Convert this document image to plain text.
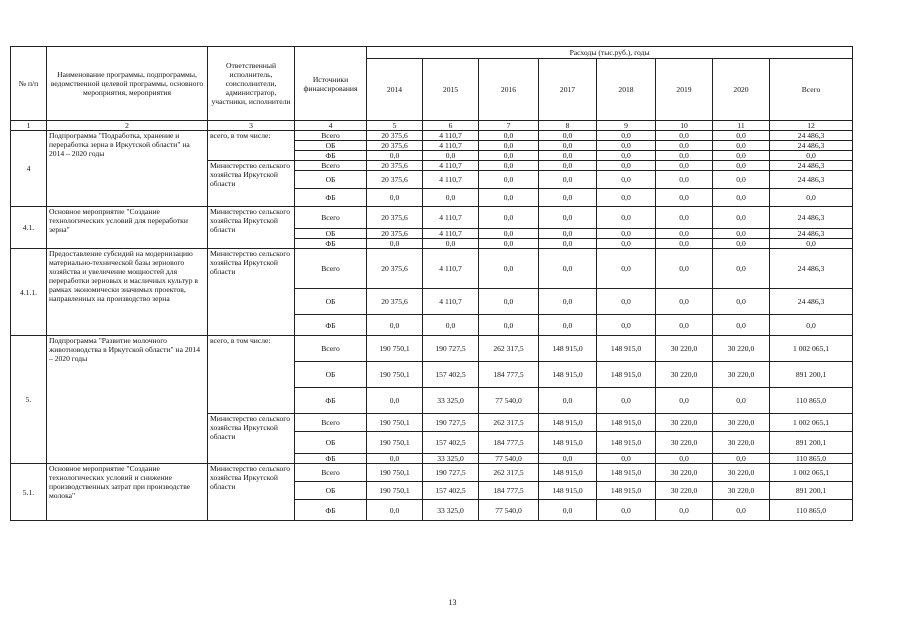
№ п/п	Наименование программы, подпрограммы, ведомственной целевой программы, основного мероприятия, мероприятия	Ответственный исполнитель, соисполнители, администратор, участники, исполнители	Источники финансирования	Расходы (тыс.руб.), годы							
				2014	2015	2016	2017	2018	2019	2020	Всего
1	2	3	4	5	6	7	8	9	10	11	12
4	Подпрограмма "Подработка, хранение и переработка зерна в Иркутской области" на 2014 – 2020 годы	всего, в том числе:	Всего	20 375,6	4 110,7	0,0	0,0	0,0	0,0	0,0	24 486,3
			ОБ	20 375,6	4 110,7	0,0	0,0	0,0	0,0	0,0	24 486,3
			ФБ	0,0	0,0	0,0	0,0	0,0	0,0	0,0	0,0
		Министерство сельского хозяйства Иркутской области	Всего	20 375,6	4 110,7	0,0	0,0	0,0	0,0	0,0	24 486,3
			ОБ	20 375,6	4 110,7	0,0	0,0	0,0	0,0	0,0	24 486,3
			ФБ	0,0	0,0	0,0	0,0	0,0	0,0	0,0	0,0
4.1.	Основное мероприятие "Создание технологических условий для переработки зерна"	Министерство сельского хозяйства Иркутской области	Всего	20 375,6	4 110,7	0,0	0,0	0,0	0,0	0,0	24 486,3
			ОБ	20 375,6	4 110,7	0,0	0,0	0,0	0,0	0,0	24 486,3
			ФБ	0,0	0,0	0,0	0,0	0,0	0,0	0,0	0,0
4.1.1.	Предоставление субсидий на модернизацию материально-технической базы зернового хозяйства и увеличение мощностей для переработки зерновых и масличных культур в рамках экономически значимых проектов, направленных на производство зерна	Министерство сельского хозяйства Иркутской области	Всего	20 375,6	4 110,7	0,0	0,0	0,0	0,0	0,0	24 486,3
			ОБ	20 375,6	4 110,7	0,0	0,0	0,0	0,0	0,0	24 486,3
			ФБ	0,0	0,0	0,0	0,0	0,0	0,0	0,0	0,0
5.	Подпрограмма "Развитие молочного животноводства в Иркутской области" на 2014 – 2020 годы	всего, в том числе:	Всего	190 750,1	190 727,5	262 317,5	148 915,0	148 915,0	30 220,0	30 220,0	1 002 065,1
			ОБ	190 750,1	157 402,5	184 777,5	148 915,0	148 915,0	30 220,0	30 220,0	891 200,1
			ФБ	0,0	33 325,0	77 540,0	0,0	0,0	0,0	0,0	110 865,0
		Министерство сельского хозяйства Иркутской области	Всего	190 750,1	190 727,5	262 317,5	148 915,0	148 915,0	30 220,0	30 220,0	1 002 065,1
			ОБ	190 750,1	157 402,5	184 777,5	148 915,0	148 915,0	30 220,0	30 220,0	891 200,1
			ФБ	0,0	33 325,0	77 540,0	0,0	0,0	0,0	0,0	110 865,0
5.1.	Основное мероприятие "Создание технологических условий и снижение производственных затрат при производстве молока"	Министерство сельского хозяйства Иркутской области	Всего	190 750,1	190 727,5	262 317,5	148 915,0	148 915,0	30 220,0	30 220,0	1 002 065,1
			ОБ	190 750,1	157 402,5	184 777,5	148 915,0	148 915,0	30 220,0	30 220,0	891 200,1
			ФБ	0,0	33 325,0	77 540,0	0,0	0,0	0,0	0,0	110 865,0
13
